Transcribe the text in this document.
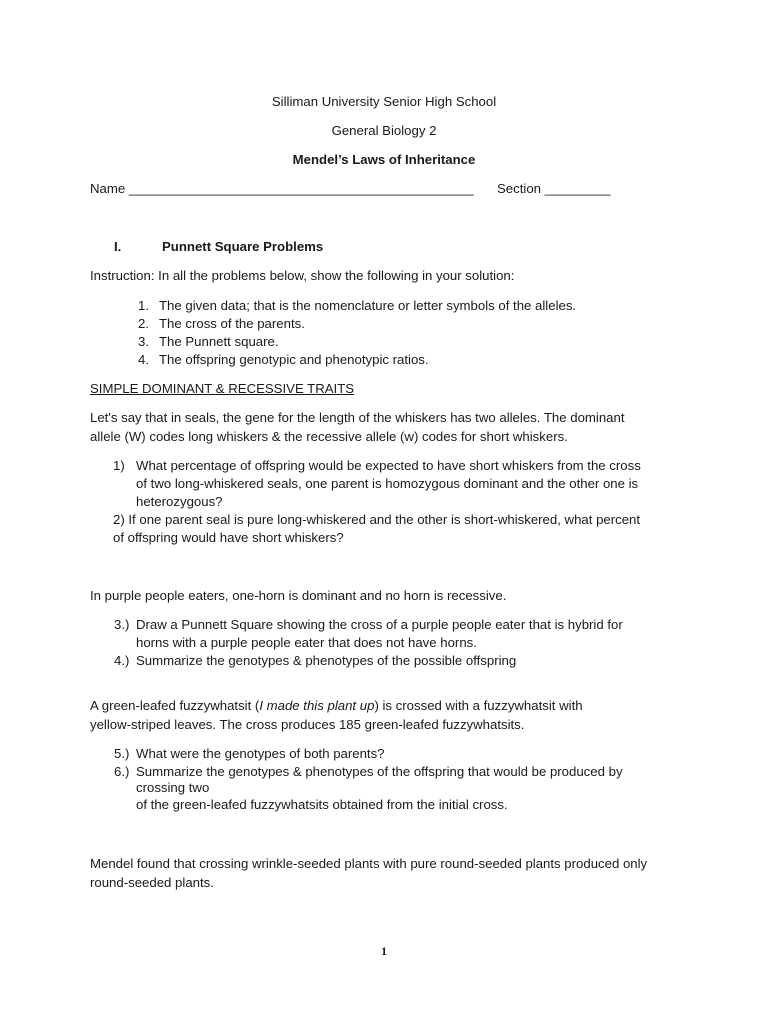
Silliman University Senior High School
General Biology 2
Mendel’s Laws of Inheritance
Name _______________________________________________ Section _________
I.	Punnett Square Problems
Instruction: In all the problems below, show the following in your solution:
1. The given data; that is the nomenclature or letter symbols of the alleles.
2. The cross of the parents.
3. The Punnett square.
4. The offspring genotypic and phenotypic ratios.
SIMPLE DOMINANT & RECESSIVE TRAITS
Let's say that in seals, the gene for the length of the whiskers has two alleles. The dominant
allele (W) codes long whiskers & the recessive allele (w) codes for short whiskers.
1) What percentage of offspring would be expected to have short whiskers from the cross
of two long-whiskered seals, one parent is homozygous dominant and the other one is
heterozygous?
2) If one parent seal is pure long-whiskered and the other is short-whiskered, what percent
of offspring would have short whiskers?
In purple people eaters, one-horn is dominant and no horn is recessive.
3.) Draw a Punnett Square showing the cross of a purple people eater that is hybrid for
horns with a purple people eater that does not have horns.
4.) Summarize the genotypes & phenotypes of the possible offspring
A green-leafed fuzzywhatsit (I made this plant up) is crossed with a fuzzywhatsit with
yellow-striped leaves. The cross produces 185 green-leafed fuzzywhatsits.
5.) What were the genotypes of both parents?
6.) Summarize the genotypes & phenotypes of the offspring that would be produced by
crossing two
of the green-leafed fuzzywhatsits obtained from the initial cross.
Mendel found that crossing wrinkle-seeded plants with pure round-seeded plants produced only
round-seeded plants.
1
